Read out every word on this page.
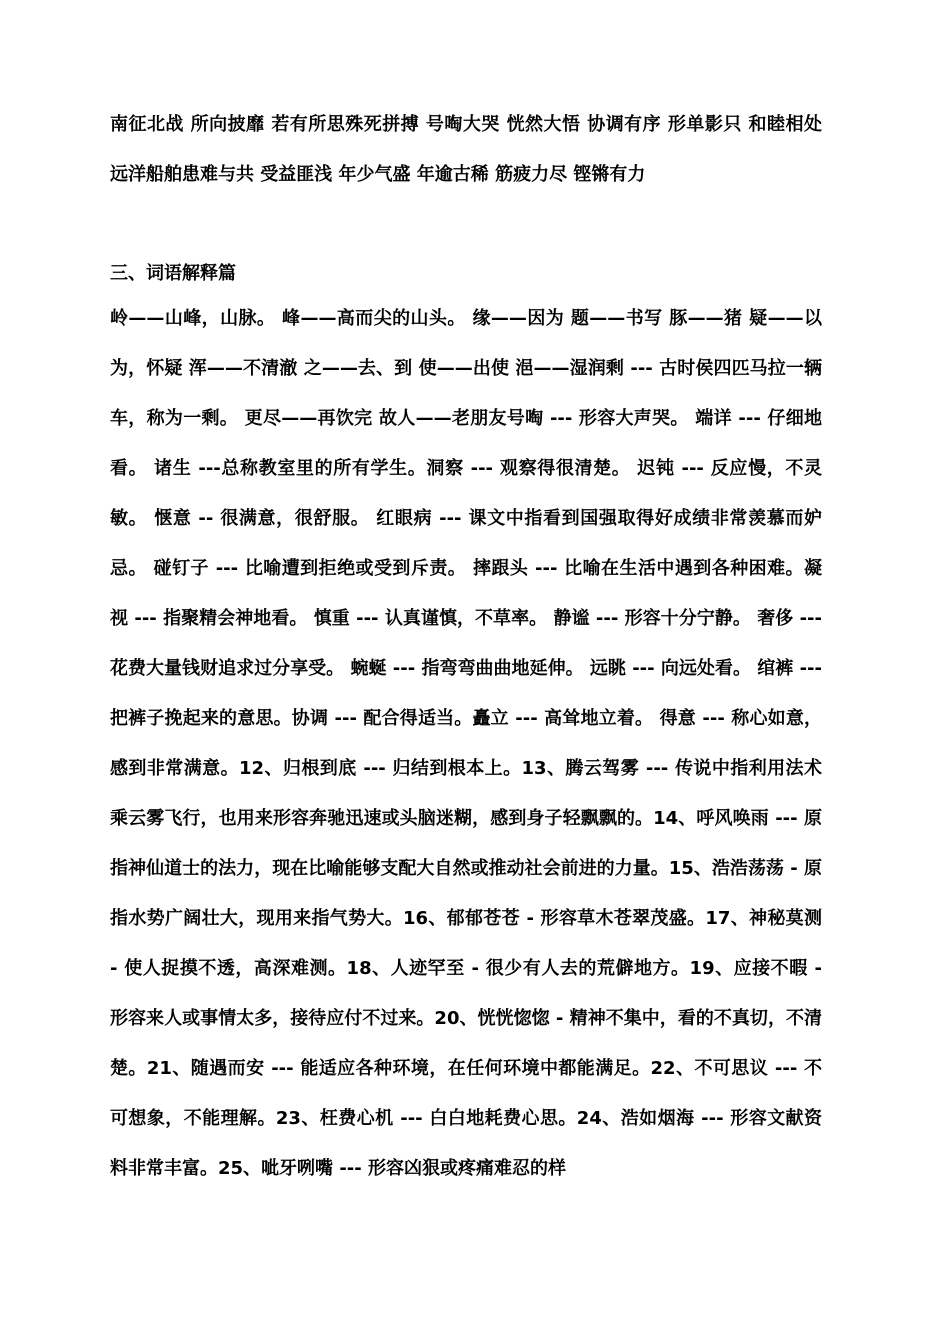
南征北战 所向披靡 若有所思殊死拼搏 号啕大哭 恍然大悟 协调有序 形单影只 和睦相处 远洋船舶患难与共 受益匪浅 年少气盛 年逾古稀 筋疲力尽 铿锵有力

三、词语解释篇

岭——山峰，山脉。 峰——高而尖的山头。 缘——因为 题——书写 豚——猪 疑——以为，怀疑 浑——不清澈 之——去、到 使——出使 浥——湿润剩 --- 古时侯四匹马拉一辆车，称为一剩。 更尽——再饮完 故人——老朋友号啕 --- 形容大声哭。 端详 --- 仔细地看。 诸生 ---总称教室里的所有学生。洞察 --- 观察得很清楚。 迟钝 --- 反应慢，不灵敏。 惬意 -- 很满意，很舒服。 红眼病 --- 课文中指看到国强取得好成绩非常羡慕而妒忌。 碰钉子 --- 比喻遭到拒绝或受到斥责。 摔跟头 --- 比喻在生活中遇到各种困难。凝视 --- 指聚精会神地看。 慎重 --- 认真谨慎，不草率。 静谧 --- 形容十分宁静。 奢侈 --- 花费大量钱财追求过分享受。 蜿蜒 --- 指弯弯曲曲地延伸。 远眺 --- 向远处看。 绾裤 --- 把裤子挽起来的意思。协调 --- 配合得适当。矗立 --- 高耸地立着。 得意 --- 称心如意，感到非常满意。12、归根到底 --- 归结到根本上。13、腾云驾雾 --- 传说中指利用法术乘云雾飞行，也用来形容奔驰迅速或头脑迷糊，感到身子轻飘飘的。14、呼风唤雨 --- 原指神仙道士的法力，现在比喻能够支配大自然或推动社会前进的力量。15、浩浩荡荡 - 原指水势广阔壮大，现用来指气势大。16、郁郁苍苍 - 形容草木苍翠茂盛。17、神秘莫测 - 使人捉摸不透，高深难测。18、人迹罕至 - 很少有人去的荒僻地方。19、应接不暇 - 形容来人或事情太多，接待应付不过来。20、恍恍惚惚 - 精神不集中，看的不真切，不清楚。21、随遇而安 --- 能适应各种环境，在任何环境中都能满足。22、不可思议 --- 不可想象，不能理解。23、枉费心机 --- 白白地耗费心思。24、浩如烟海 --- 形容文献资料非常丰富。25、呲牙咧嘴 --- 形容凶狠或疼痛难忍的样
